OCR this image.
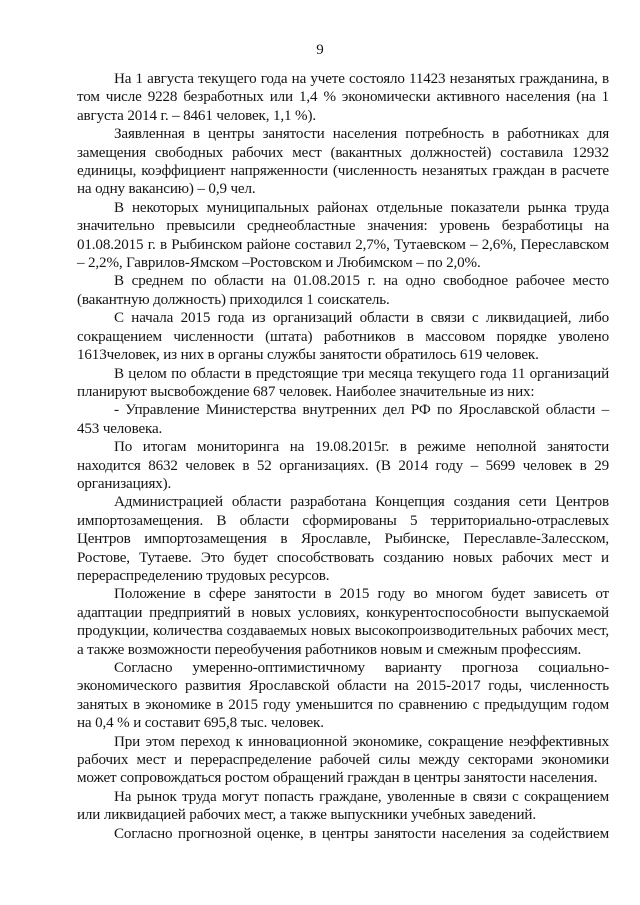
9

На 1 августа текущего года на учете состояло 11423 незанятых гражданина, в том числе 9228 безработных или 1,4 % экономически активного населения (на 1 августа 2014 г. – 8461 человек, 1,1 %).

Заявленная в центры занятости населения потребность в работниках для замещения свободных рабочих мест (вакантных должностей) составила 12932 единицы, коэффициент напряженности (численность незанятых граждан в расчете на одну вакансию) – 0,9 чел.

В некоторых муниципальных районах отдельные показатели рынка труда значительно превысили среднеобластные значения: уровень безработицы на 01.08.2015 г. в Рыбинском районе составил 2,7%, Тутаевском – 2,6%, Переславском – 2,2%, Гаврилов-Ямском –Ростовском и Любимском – по 2,0%.

В среднем по области на 01.08.2015 г. на одно свободное рабочее место (вакантную должность) приходился 1 соискатель.

С начала 2015 года из организаций области в связи с ликвидацией, либо сокращением численности (штата) работников в массовом порядке уволено 1613человек, из них в органы службы занятости обратилось 619 человек.

В целом по области в предстоящие три месяца текущего года 11 организаций планируют высвобождение 687 человек. Наиболее значительные из них:

- Управление Министерства внутренних дел РФ по Ярославской области – 453 человека.

По итогам мониторинга на 19.08.2015г. в режиме неполной занятости находится 8632 человек в 52 организациях. (В 2014 году – 5699 человек в 29 организациях).

Администрацией области разработана Концепция создания сети Центров импортозамещения. В области сформированы 5 территориально-отраслевых Центров импортозамещения в Ярославле, Рыбинске, Переславле-Залесском, Ростове, Тутаеве. Это будет способствовать созданию новых рабочих мест и перераспределению трудовых ресурсов.

Положение в сфере занятости в 2015 году во многом будет зависеть от адаптации предприятий в новых условиях, конкурентоспособности выпускаемой продукции, количества создаваемых новых высокопроизводительных рабочих мест, а также возможности переобучения работников новым и смежным профессиям.

Согласно умеренно-оптимистичному варианту прогноза социально-экономического развития Ярославской области на 2015-2017 годы, численность занятых в экономике в 2015 году уменьшится по сравнению с предыдущим годом на 0,4 % и составит 695,8 тыс. человек.

При этом переход к инновационной экономике, сокращение неэффективных рабочих мест и перераспределение рабочей силы между секторами экономики может сопровождаться ростом обращений граждан в центры занятости населения.

На рынок труда могут попасть граждане, уволенные в связи с сокращением или ликвидацией рабочих мест, а также выпускники учебных заведений.

Согласно прогнозной оценке, в центры занятости населения за содействием
